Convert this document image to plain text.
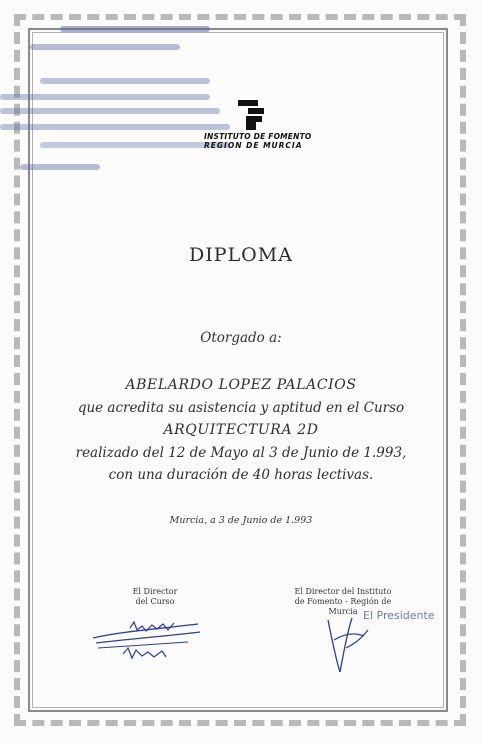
INSTITUTO DE FOMENTO
REGION DE MURCIA
DIPLOMA
Otorgado a:
ABELARDO LOPEZ PALACIOS
que acredita su asistencia y aptitud en el Curso
ARQUITECTURA 2D
realizado del 12 de Mayo al 3 de Junio de 1.993,
con una duración de 40 horas lectivas.
Murcia, a 3 de Junio de 1.993
El Director
del Curso
El Director del Instituto
de Fomento - Región de
Murcia El Presidente
